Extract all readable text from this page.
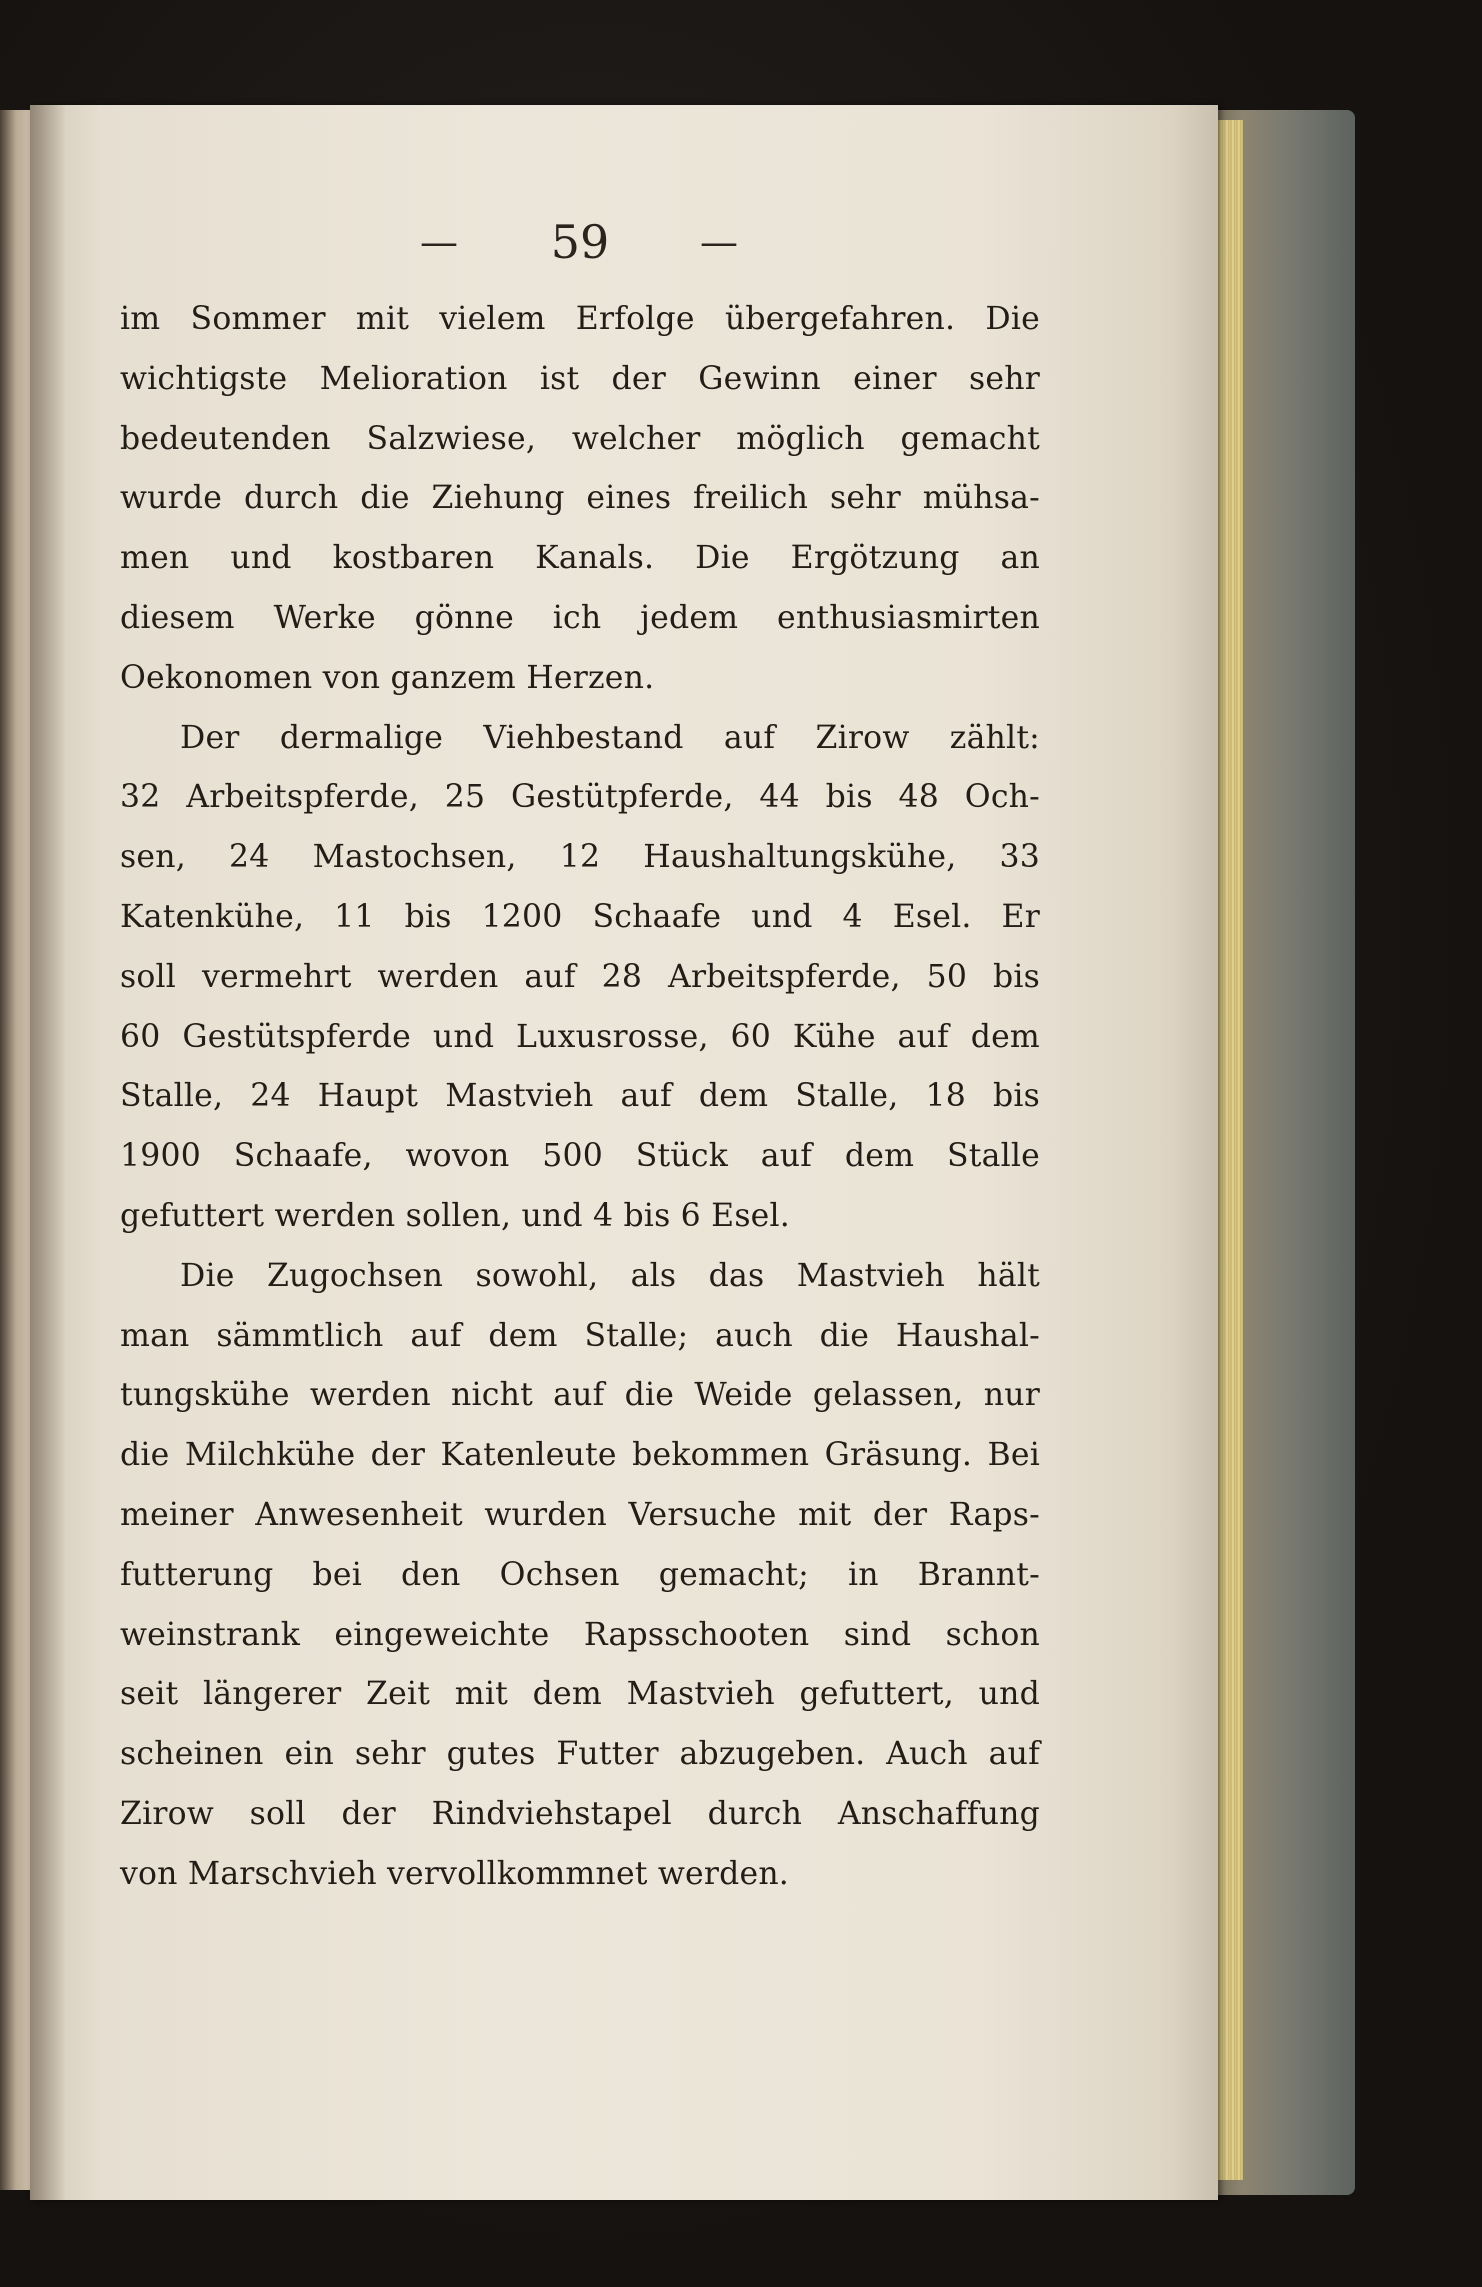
— 59 —
im Sommer mit vielem Erfolge übergefahren. Die
wichtigste Melioration ist der Gewinn einer sehr
bedeutenden Salzwiese, welcher möglich gemacht
wurde durch die Ziehung eines freilich sehr mühsa-
men und kostbaren Kanals. Die Ergötzung an
diesem Werke gönne ich jedem enthusiasmirten
Oekonomen von ganzem Herzen.
Der dermalige Viehbestand auf Zirow zählt:
32 Arbeitspferde, 25 Gestütpferde, 44 bis 48 Och-
sen, 24 Mastochsen, 12 Haushaltungskühe, 33
Katenkühe, 11 bis 1200 Schaafe und 4 Esel. Er
soll vermehrt werden auf 28 Arbeitspferde, 50 bis
60 Gestütspferde und Luxusrosse, 60 Kühe auf dem
Stalle, 24 Haupt Mastvieh auf dem Stalle, 18 bis
1900 Schaafe, wovon 500 Stück auf dem Stalle
gefuttert werden sollen, und 4 bis 6 Esel.
Die Zugochsen sowohl, als das Mastvieh hält
man sämmtlich auf dem Stalle; auch die Haushal-
tungskühe werden nicht auf die Weide gelassen, nur
die Milchkühe der Katenleute bekommen Gräsung. Bei
meiner Anwesenheit wurden Versuche mit der Raps-
futterung bei den Ochsen gemacht; in Brannt-
weinstrank eingeweichte Rapsschooten sind schon
seit längerer Zeit mit dem Mastvieh gefuttert, und
scheinen ein sehr gutes Futter abzugeben. Auch auf
Zirow soll der Rindviehstapel durch Anschaffung
von Marschvieh vervollkommnet werden.
